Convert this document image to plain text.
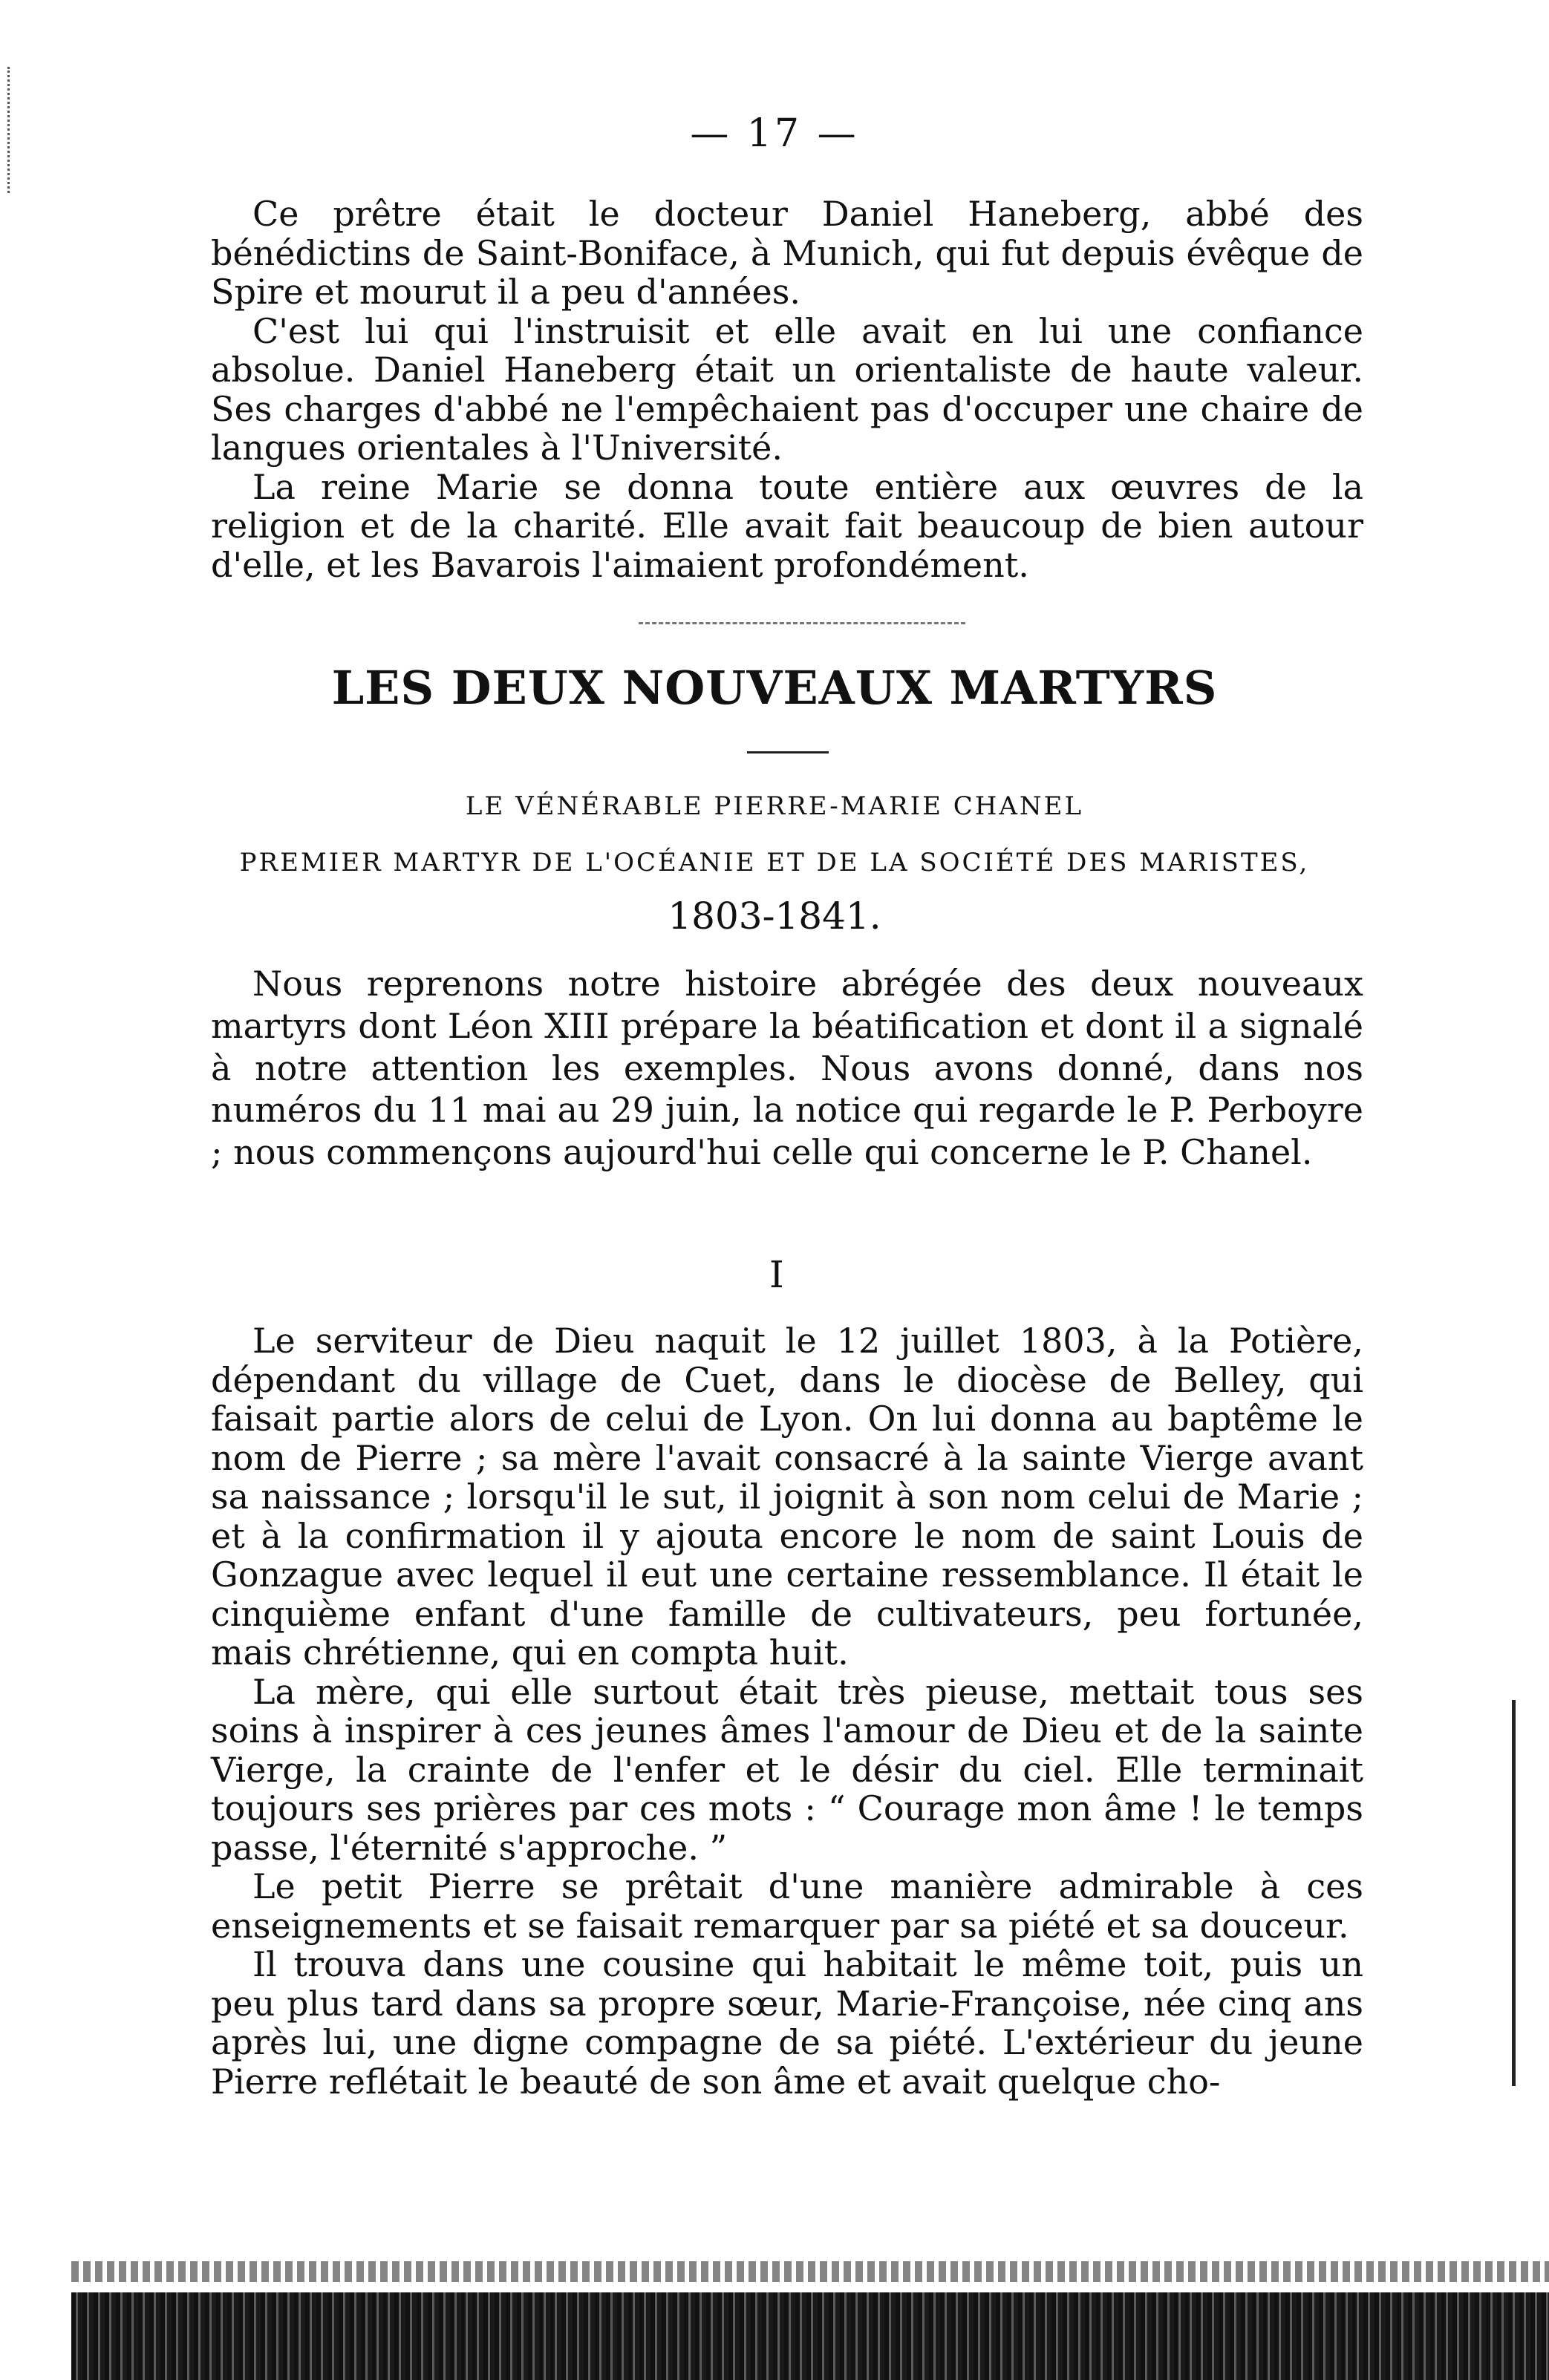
— 17 —

Ce prêtre était le docteur Daniel Haneberg, abbé des bénédictins de Saint-Boniface, à Munich, qui fut depuis évêque de Spire et mourut il a peu d'années.

C'est lui qui l'instruisit et elle avait en lui une confiance absolue. Daniel Haneberg était un orientaliste de haute valeur. Ses charges d'abbé ne l'empêchaient pas d'occuper une chaire de langues orientales à l'Université.

La reine Marie se donna toute entière aux œuvres de la religion et de la charité. Elle avait fait beaucoup de bien autour d'elle, et les Bavarois l'aimaient profondément.

LES DEUX NOUVEAUX MARTYRS

LE VÉNÉRABLE PIERRE-MARIE CHANEL

PREMIER MARTYR DE L'OCÉANIE ET DE LA SOCIÉTÉ DES MARISTES,

1803-1841.

Nous reprenons notre histoire abrégée des deux nouveaux martyrs dont Léon XIII prépare la béatification et dont il a signalé à notre attention les exemples. Nous avons donné, dans nos numéros du 11 mai au 29 juin, la notice qui regarde le P. Perboyre ; nous commençons aujourd'hui celle qui concerne le P. Chanel.

I

Le serviteur de Dieu naquit le 12 juillet 1803, à la Potière, dépendant du village de Cuet, dans le diocèse de Belley, qui faisait partie alors de celui de Lyon. On lui donna au baptême le nom de Pierre ; sa mère l'avait consacré à la sainte Vierge avant sa naissance ; lorsqu'il le sut, il joignit à son nom celui de Marie ; et à la confirmation il y ajouta encore le nom de saint Louis de Gonzague avec lequel il eut une certaine ressemblance. Il était le cinquième enfant d'une famille de cultivateurs, peu fortunée, mais chrétienne, qui en compta huit.

La mère, qui elle surtout était très pieuse, mettait tous ses soins à inspirer à ces jeunes âmes l'amour de Dieu et de la sainte Vierge, la crainte de l'enfer et le désir du ciel. Elle terminait toujours ses prières par ces mots : “ Courage mon âme ! le temps passe, l'éternité s'approche. ”

Le petit Pierre se prêtait d'une manière admirable à ces enseignements et se faisait remarquer par sa piété et sa douceur.

Il trouva dans une cousine qui habitait le même toit, puis un peu plus tard dans sa propre sœur, Marie-Françoise, née cinq ans après lui, une digne compagne de sa piété. L'extérieur du jeune Pierre reflétait le beauté de son âme et avait quelque cho-
